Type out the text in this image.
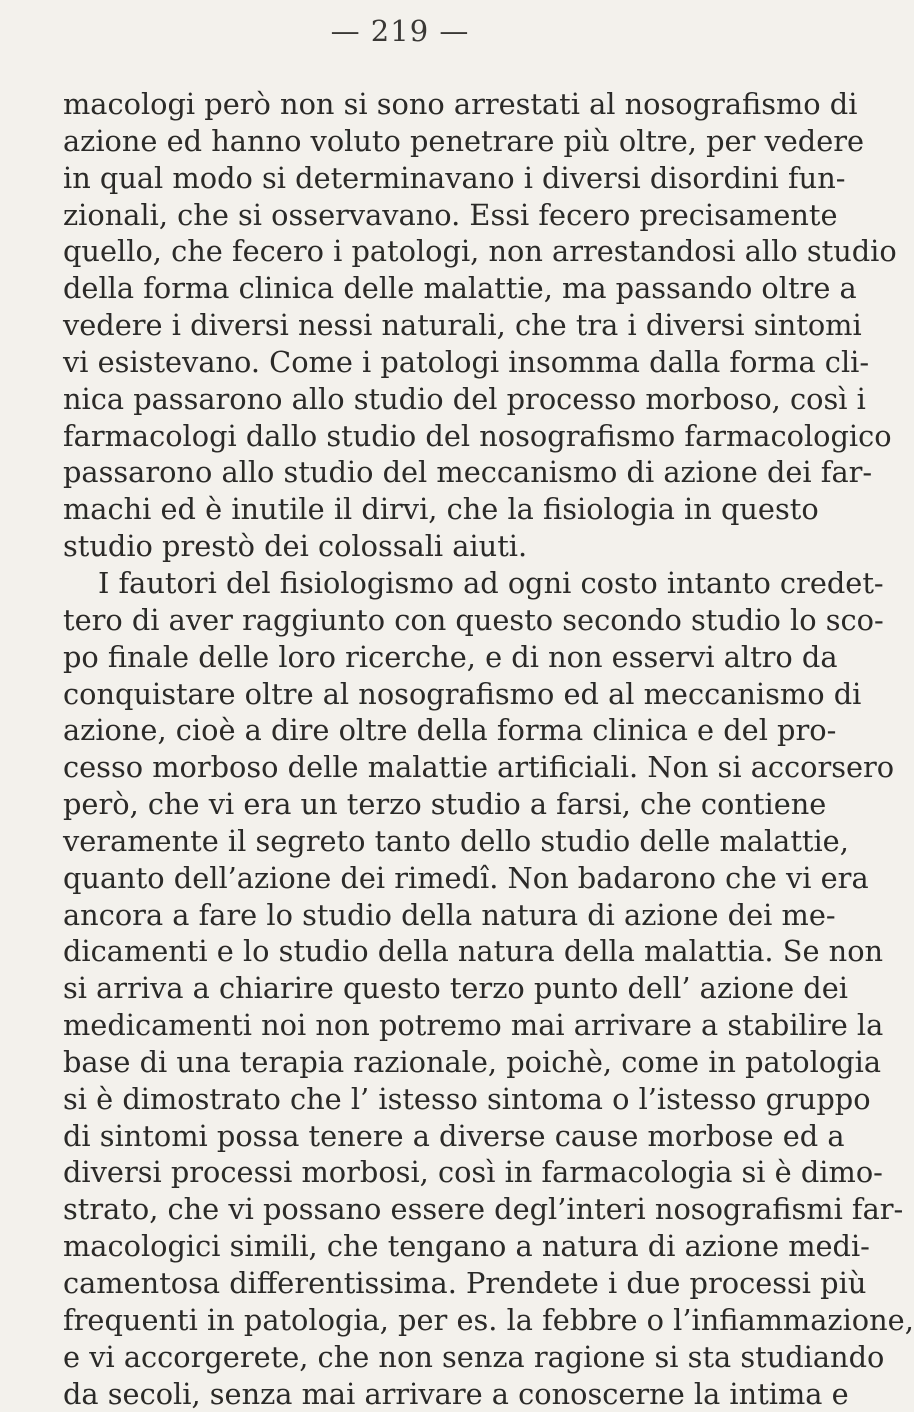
— 219 —
macologi però non si sono arrestati al nosografismo di
azione ed hanno voluto penetrare più oltre, per vedere
in qual modo si determinavano i diversi disordini fun-
zionali, che si osservavano. Essi fecero precisamente
quello, che fecero i patologi, non arrestandosi allo studio
della forma clinica delle malattie, ma passando oltre a
vedere i diversi nessi naturali, che tra i diversi sintomi
vi esistevano. Come i patologi insomma dalla forma cli-
nica passarono allo studio del processo morboso, così i
farmacologi dallo studio del nosografismo farmacologico
passarono allo studio del meccanismo di azione dei far-
machi ed è inutile il dirvi, che la fisiologia in questo
studio prestò dei colossali aiuti.
I fautori del fisiologismo ad ogni costo intanto credet-
tero di aver raggiunto con questo secondo studio lo sco-
po finale delle loro ricerche, e di non esservi altro da
conquistare oltre al nosografismo ed al meccanismo di
azione, cioè a dire oltre della forma clinica e del pro-
cesso morboso delle malattie artificiali. Non si accorsero
però, che vi era un terzo studio a farsi, che contiene
veramente il segreto tanto dello studio delle malattie,
quanto dell’azione dei rimedî. Non badarono che vi era
ancora a fare lo studio della natura di azione dei me-
dicamenti e lo studio della natura della malattia. Se non
si arriva a chiarire questo terzo punto dell’ azione dei
medicamenti noi non potremo mai arrivare a stabilire la
base di una terapia razionale, poichè, come in patologia
si è dimostrato che l’ istesso sintoma o l’istesso gruppo
di sintomi possa tenere a diverse cause morbose ed a
diversi processi morbosi, così in farmacologia si è dimo-
strato, che vi possano essere degl’interi nosografismi far-
macologici simili, che tengano a natura di azione medi-
camentosa differentissima. Prendete i due processi più
frequenti in patologia, per es. la febbre o l’infiammazione,
e vi accorgerete, che non senza ragione si sta studiando
da secoli, senza mai arrivare a conoscerne la intima e
